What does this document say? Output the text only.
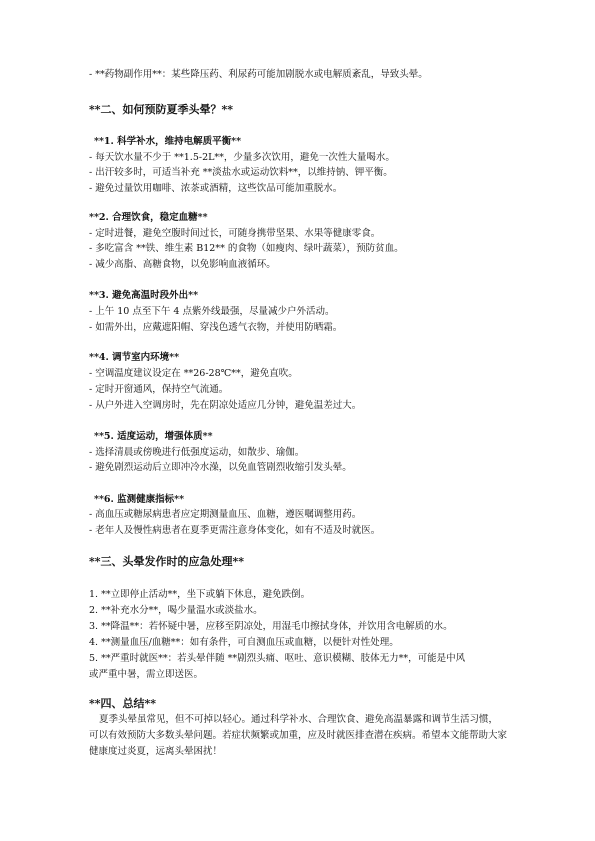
- **药物副作用**：某些降压药、利尿药可能加剧脱水或电解质紊乱，导致头晕。
**二、如何预防夏季头晕？**
**1. 科学补水，维持电解质平衡**
- 每天饮水量不少于 **1.5-2L**，少量多次饮用，避免一次性大量喝水。
- 出汗较多时，可适当补充 **淡盐水或运动饮料**，以维持钠、钾平衡。
- 避免过量饮用咖啡、浓茶或酒精，这些饮品可能加重脱水。
**2. 合理饮食，稳定血糖**
- 定时进餐，避免空腹时间过长，可随身携带坚果、水果等健康零食。
- 多吃富含 **铁、维生素 B12** 的食物（如瘦肉、绿叶蔬菜），预防贫血。
- 减少高脂、高糖食物，以免影响血液循环。
**3. 避免高温时段外出**
- 上午 10 点至下午 4 点紫外线最强，尽量减少户外活动。
- 如需外出，应戴遮阳帽、穿浅色透气衣物，并使用防晒霜。
**4. 调节室内环境**
- 空调温度建议设定在 **26-28℃**，避免直吹。
- 定时开窗通风，保持空气流通。
- 从户外进入空调房时，先在阴凉处适应几分钟，避免温差过大。
**5. 适度运动，增强体质**
- 选择清晨或傍晚进行低强度运动，如散步、瑜伽。
- 避免剧烈运动后立即冲冷水澡，以免血管剧烈收缩引发头晕。
**6. 监测健康指标**
- 高血压或糖尿病患者应定期测量血压、血糖，遵医嘱调整用药。
- 老年人及慢性病患者在夏季更需注意身体变化，如有不适及时就医。
**三、头晕发作时的应急处理**
1. **立即停止活动**，坐下或躺下休息，避免跌倒。
2. **补充水分**，喝少量温水或淡盐水。
3. **降温**：若怀疑中暑，应移至阴凉处，用湿毛巾擦拭身体，并饮用含电解质的水。
4. **测量血压/血糖**：如有条件，可自测血压或血糖，以便针对性处理。
5. **严重时就医**：若头晕伴随 **剧烈头痛、呕吐、意识模糊、肢体无力**，可能是中风
或严重中暑，需立即送医。
**四、总结**
夏季头晕虽常见，但不可掉以轻心。通过科学补水、合理饮食、避免高温暴露和调节生活习惯，可以有效预防大多数头晕问题。若症状频繁或加重，应及时就医排查潜在疾病。希望本文能帮助大家健康度过炎夏，远离头晕困扰！
